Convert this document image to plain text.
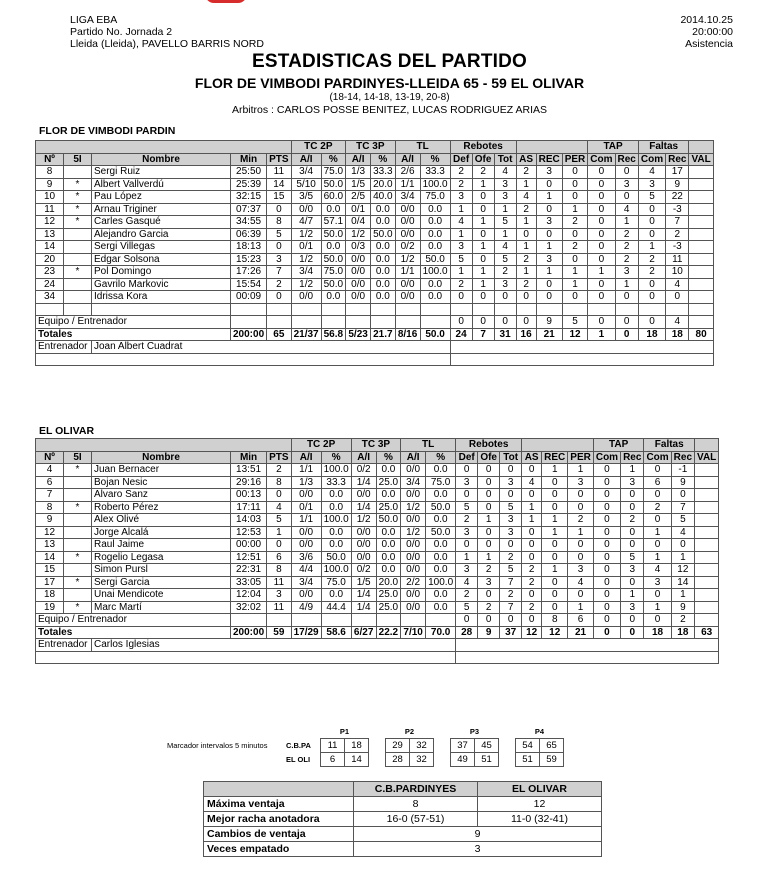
LIGA EBA
Partido No. Jornada 2
Lleida (Lleida), PAVELLO BARRIS NORD
2014.10.25
20:00:00
Asistencia
ESTADISTICAS DEL PARTIDO
FLOR DE VIMBODI PARDINYES-LLEIDA 65 - 59 EL OLIVAR
(18-14, 14-18, 13-19, 20-8)
Arbitros : CARLOS POSSE BENITEZ, LUCAS RODRIGUEZ ARIAS
FLOR DE VIMBODI PARDIN
					TC 2P		TC 3P		TL		Rebotes						TAP		Faltas		
Nº	5I	Nombre	Min	PTS	A/I	%	A/I	%	A/I	%	Def	Ofe	Tot	AS	REC	PER	Com	Rec	Com	Rec	VAL
8		Sergi Ruiz	25:50	11	3/4	75.0	1/3	33.3	2/6	33.3	2	2	4	2	3	0	0	0	4	17	
9	*	Albert Vallverdú	25:39	14	5/10	50.0	1/5	20.0	1/1	100.0	2	1	3	1	0	0	0	3	3	9	
10	*	Pau López	32:15	15	3/5	60.0	2/5	40.0	3/4	75.0	3	0	3	4	1	0	0	0	5	22	
11	*	Arnau Triginer	07:37	0	0/0	0.0	0/1	0.0	0/0	0.0	1	0	1	2	0	1	0	4	0	-3	
12	*	Carles Gasqué	34:55	8	4/7	57.1	0/4	0.0	0/0	0.0	4	1	5	1	3	2	0	1	0	7	
13		Alejandro Garcia	06:39	5	1/2	50.0	1/2	50.0	0/0	0.0	1	0	1	0	0	0	0	2	0	2	
14		Sergi Villegas	18:13	0	0/1	0.0	0/3	0.0	0/2	0.0	3	1	4	1	1	2	0	2	1	-3	
20		Edgar Solsona	15:23	3	1/2	50.0	0/0	0.0	1/2	50.0	5	0	5	2	3	0	0	2	2	11	
23	*	Pol Domingo	17:26	7	3/4	75.0	0/0	0.0	1/1	100.0	1	1	2	1	1	1	1	3	2	10	
24		Gavrilo Markovic	15:54	2	1/2	50.0	0/0	0.0	0/0	0.0	2	1	3	2	0	1	0	1	0	4	
34		Idrissa Kora	00:09	0	0/0	0.0	0/0	0.0	0/0	0.0	0	0	0	0	0	0	0	0	0	0	

Equipo / Entrenador											0	0	0	0	9	5	0	0	0	4	
Totales			200:00	65	21/37	56.8	5/23	21.7	8/16	50.0	24	7	31	16	21	12	1	0	18	18	80
Entrenador		Joan Albert Cuadrat																			

EL OLIVAR
					TC 2P		TC 3P		TL		Rebotes						TAP		Faltas		
Nº	5I	Nombre	Min	PTS	A/I	%	A/I	%	A/I	%	Def	Ofe	Tot	AS	REC	PER	Com	Rec	Com	Rec	VAL
4	*	Juan Bernacer	13:51	2	1/1	100.0	0/2	0.0	0/0	0.0	0	0	0	0	1	1	0	1	0	-1	
6		Bojan Nesic	29:16	8	1/3	33.3	1/4	25.0	3/4	75.0	3	0	3	4	0	3	0	3	6	9	
7		Alvaro Sanz	00:13	0	0/0	0.0	0/0	0.0	0/0	0.0	0	0	0	0	0	0	0	0	0	0	
8	*	Roberto Pérez	17:11	4	0/1	0.0	1/4	25.0	1/2	50.0	5	0	5	1	0	0	0	0	2	7	
9		Alex Olivé	14:03	5	1/1	100.0	1/2	50.0	0/0	0.0	2	1	3	1	1	2	0	2	0	5	
12		Jorge Alcalá	12:53	1	0/0	0.0	0/0	0.0	1/2	50.0	3	0	3	0	1	1	0	0	1	4	
13		Raul Jaime	00:00	0	0/0	0.0	0/0	0.0	0/0	0.0	0	0	0	0	0	0	0	0	0	0	
14	*	Rogelio Legasa	12:51	6	3/6	50.0	0/0	0.0	0/0	0.0	1	1	2	0	0	0	0	5	1	1	
15		Simon Pursl	22:31	8	4/4	100.0	0/2	0.0	0/0	0.0	3	2	5	2	1	3	0	3	4	12	
17	*	Sergi Garcia	33:05	11	3/4	75.0	1/5	20.0	2/2	100.0	4	3	7	2	0	4	0	0	3	14	
18		Unai Mendicote	12:04	3	0/0	0.0	1/4	25.0	0/0	0.0	2	0	2	0	0	0	0	1	0	1	
19	*	Marc Martí	32:02	11	4/9	44.4	1/4	25.0	0/0	0.0	5	2	7	2	0	1	0	3	1	9	
Equipo / Entrenador											0	0	0	0	8	6	0	0	0	2	
Totales			200:00	59	17/29	58.6	6/27	22.2	7/10	70.0	28	9	37	12	12	21	0	0	18	18	63
Entrenador		Carlos Iglesias																			

Marcador intervalos 5 minutos
	P1			P2			P3			P4	
C.B.PA	11	18		29	32		37	45		54	65
EL OLI	6	14		28	32		49	51		51	59
	C.B.PARDINYES	EL OLIVAR
Máxima ventaja	8	12
Mejor racha anotadora	16-0 (57-51)	11-0 (32-41)
Cambios de ventaja	9	
Veces empatado	3	
